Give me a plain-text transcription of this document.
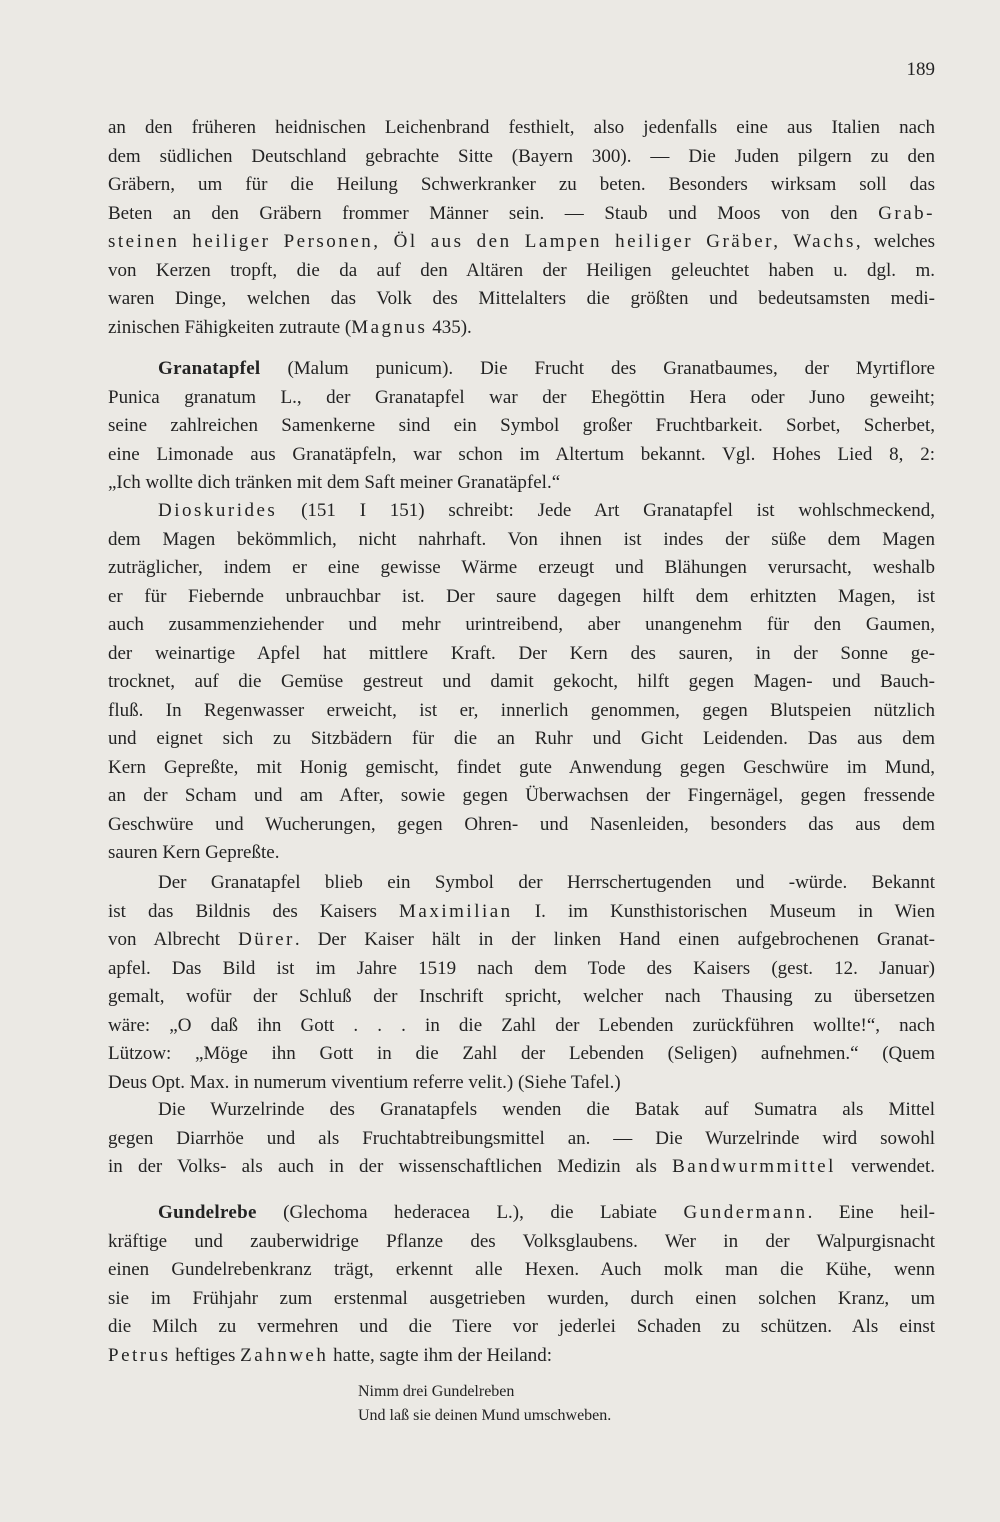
189
an den früheren heidnischen Leichenbrand festhielt, also jedenfalls eine aus Italien nach
dem südlichen Deutschland gebrachte Sitte (Bayern 300). — Die Juden pilgern zu den
Gräbern, um für die Heilung Schwerkranker zu beten. Besonders wirksam soll das
Beten an den Gräbern frommer Männer sein. — Staub und Moos von den Grab-
steinen heiliger Personen, Öl aus den Lampen heiliger Gräber, Wachs, welches
von Kerzen tropft, die da auf den Altären der Heiligen geleuchtet haben u. dgl. m.
waren Dinge, welchen das Volk des Mittelalters die größten und bedeutsamsten medi-
zinischen Fähigkeiten zutraute (Magnus 435).
Granatapfel (Malum punicum). Die Frucht des Granatbaumes, der Myrtiflore
Punica granatum L., der Granatapfel war der Ehegöttin Hera oder Juno geweiht;
seine zahlreichen Samenkerne sind ein Symbol großer Fruchtbarkeit. Sorbet, Scherbet,
eine Limonade aus Granatäpfeln, war schon im Altertum bekannt. Vgl. Hohes Lied 8, 2:
„Ich wollte dich tränken mit dem Saft meiner Granatäpfel.“
Dioskurides (151 I 151) schreibt: Jede Art Granatapfel ist wohlschmeckend,
dem Magen bekömmlich, nicht nahrhaft. Von ihnen ist indes der süße dem Magen
zuträglicher, indem er eine gewisse Wärme erzeugt und Blähungen verursacht, weshalb
er für Fiebernde unbrauchbar ist. Der saure dagegen hilft dem erhitzten Magen, ist
auch zusammenziehender und mehr urintreibend, aber unangenehm für den Gaumen,
der weinartige Apfel hat mittlere Kraft. Der Kern des sauren, in der Sonne ge-
trocknet, auf die Gemüse gestreut und damit gekocht, hilft gegen Magen- und Bauch-
fluß. In Regenwasser erweicht, ist er, innerlich genommen, gegen Blutspeien nützlich
und eignet sich zu Sitzbädern für die an Ruhr und Gicht Leidenden. Das aus dem
Kern Gepreßte, mit Honig gemischt, findet gute Anwendung gegen Geschwüre im Mund,
an der Scham und am After, sowie gegen Überwachsen der Fingernägel, gegen fressende
Geschwüre und Wucherungen, gegen Ohren- und Nasenleiden, besonders das aus dem
sauren Kern Gepreßte.
Der Granatapfel blieb ein Symbol der Herrschertugenden und -würde. Bekannt
ist das Bildnis des Kaisers Maximilian I. im Kunsthistorischen Museum in Wien
von Albrecht Dürer. Der Kaiser hält in der linken Hand einen aufgebrochenen Granat-
apfel. Das Bild ist im Jahre 1519 nach dem Tode des Kaisers (gest. 12. Januar)
gemalt, wofür der Schluß der Inschrift spricht, welcher nach Thausing zu übersetzen
wäre: „O daß ihn Gott . . . in die Zahl der Lebenden zurückführen wollte!“, nach
Lützow: „Möge ihn Gott in die Zahl der Lebenden (Seligen) aufnehmen.“ (Quem
Deus Opt. Max. in numerum viventium referre velit.) (Siehe Tafel.)
Die Wurzelrinde des Granatapfels wenden die Batak auf Sumatra als Mittel
gegen Diarrhöe und als Fruchtabtreibungsmittel an. — Die Wurzelrinde wird sowohl
in der Volks- als auch in der wissenschaftlichen Medizin als Bandwurmmittel verwendet.
Gundelrebe (Glechoma hederacea L.), die Labiate Gundermann. Eine heil-
kräftige und zauberwidrige Pflanze des Volksglaubens. Wer in der Walpurgisnacht
einen Gundelrebenkranz trägt, erkennt alle Hexen. Auch molk man die Kühe, wenn
sie im Frühjahr zum erstenmal ausgetrieben wurden, durch einen solchen Kranz, um
die Milch zu vermehren und die Tiere vor jederlei Schaden zu schützen. Als einst
Petrus heftiges Zahnweh hatte, sagte ihm der Heiland:
Nimm drei Gundelreben
Und laß sie deinen Mund umschweben.
